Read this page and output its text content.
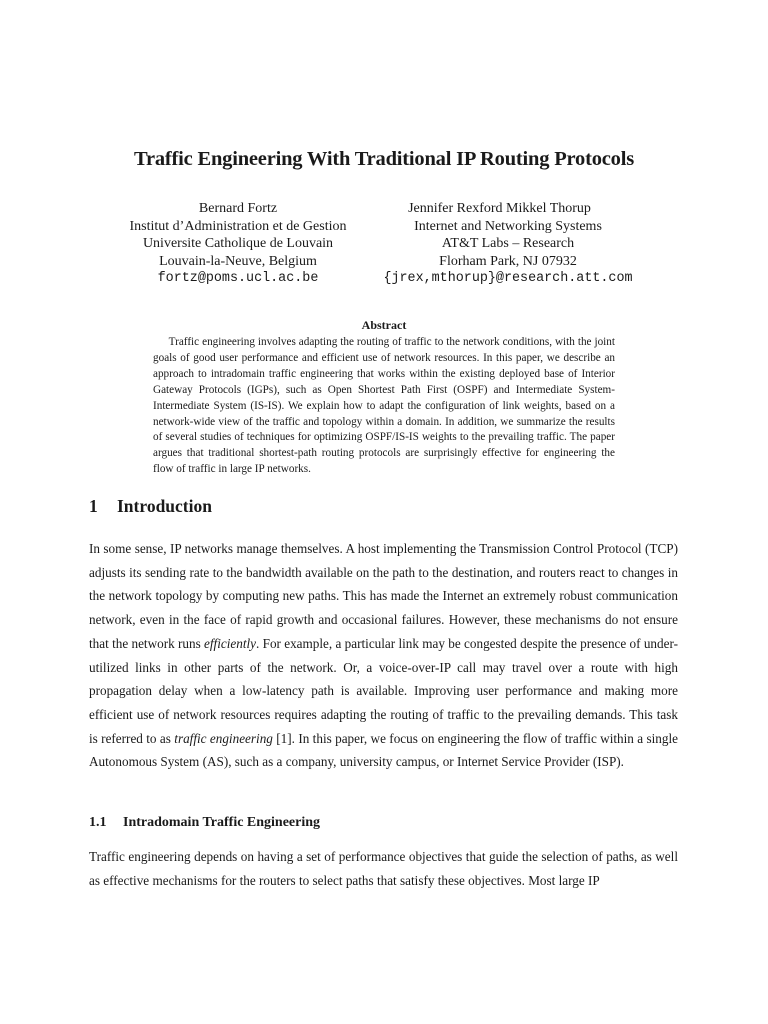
Traffic Engineering With Traditional IP Routing Protocols
Bernard Fortz
Institut d’Administration et de Gestion
Universite Catholique de Louvain
Louvain-la-Neuve, Belgium
fortz@poms.ucl.ac.be
Jennifer Rexford Mikkel Thorup
Internet and Networking Systems
AT&T Labs – Research
Florham Park, NJ 07932
{jrex,mthorup}@research.att.com
Abstract

Traffic engineering involves adapting the routing of traffic to the network conditions, with the joint goals of good user performance and efficient use of network resources. In this paper, we describe an approach to intradomain traffic engineering that works within the existing deployed base of Interior Gateway Protocols (IGPs), such as Open Shortest Path First (OSPF) and Intermediate System-Intermediate System (IS-IS). We explain how to adapt the configuration of link weights, based on a network-wide view of the traffic and topology within a domain. In addition, we summarize the results of several studies of techniques for optimizing OSPF/IS-IS weights to the prevailing traffic. The paper argues that traditional shortest-path routing protocols are surprisingly effective for engineering the flow of traffic in large IP networks.

1 Introduction

In some sense, IP networks manage themselves. A host implementing the Transmission Control Protocol (TCP) adjusts its sending rate to the bandwidth available on the path to the destination, and routers react to changes in the network topology by computing new paths. This has made the Internet an extremely robust communication network, even in the face of rapid growth and occasional failures. However, these mechanisms do not ensure that the network runs efficiently. For example, a particular link may be congested despite the presence of under-utilized links in other parts of the network. Or, a voice-over-IP call may travel over a route with high propagation delay when a low-latency path is available. Improving user performance and making more efficient use of network resources requires adapting the routing of traffic to the prevailing demands. This task is referred to as traffic engineering [1]. In this paper, we focus on engineering the flow of traffic within a single Autonomous System (AS), such as a company, university campus, or Internet Service Provider (ISP).

1.1 Intradomain Traffic Engineering

Traffic engineering depends on having a set of performance objectives that guide the selection of paths, as well as effective mechanisms for the routers to select paths that satisfy these objectives. Most large IP
